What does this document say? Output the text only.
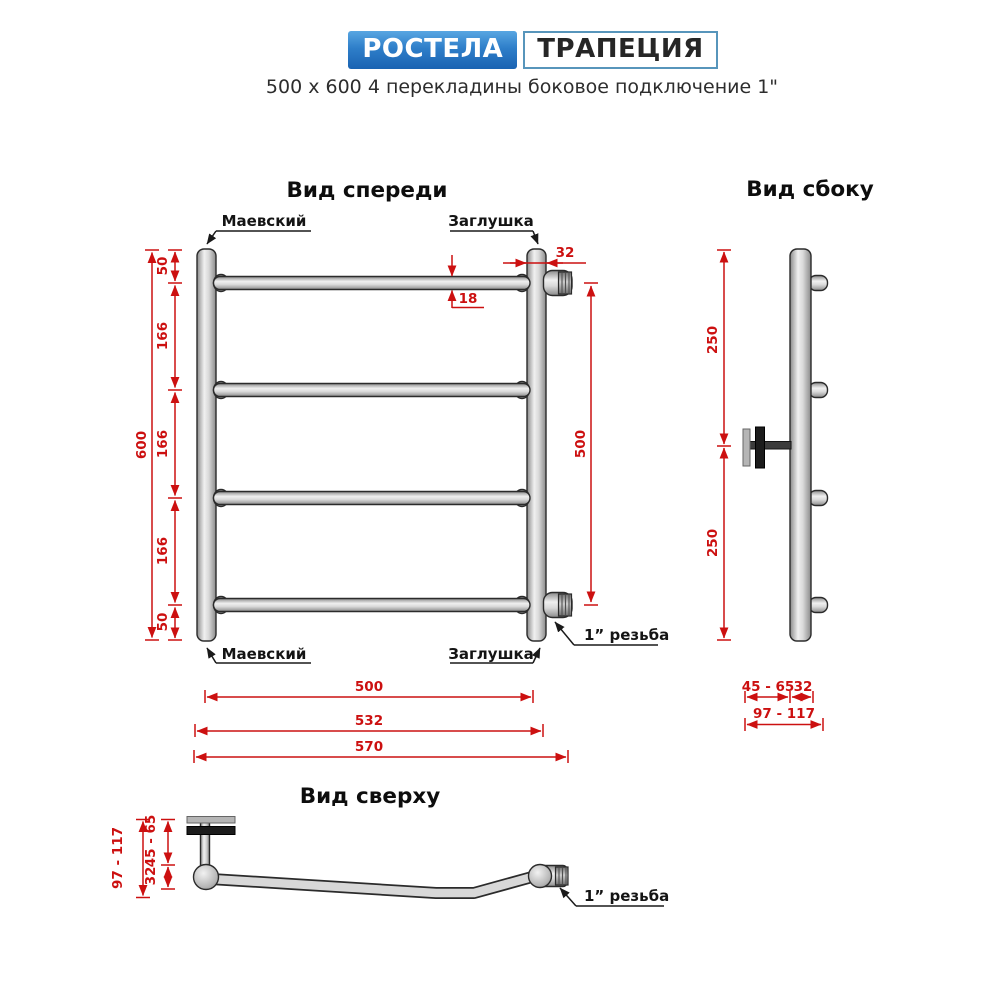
РОСТЕЛА	ТРАПЕЦИЯ
500 x 600 4 перекладины боковое подключение 1"
Вид спереди
Маевский	Заглушка
Маевский	Заглушка
1” резьба
600
50
166
166
166
50
32
18
500
500
532
570
Вид сбоку
250
250
45 - 65 32
97 - 117
Вид сверху
1” резьба
97 - 117 45 - 65
32
